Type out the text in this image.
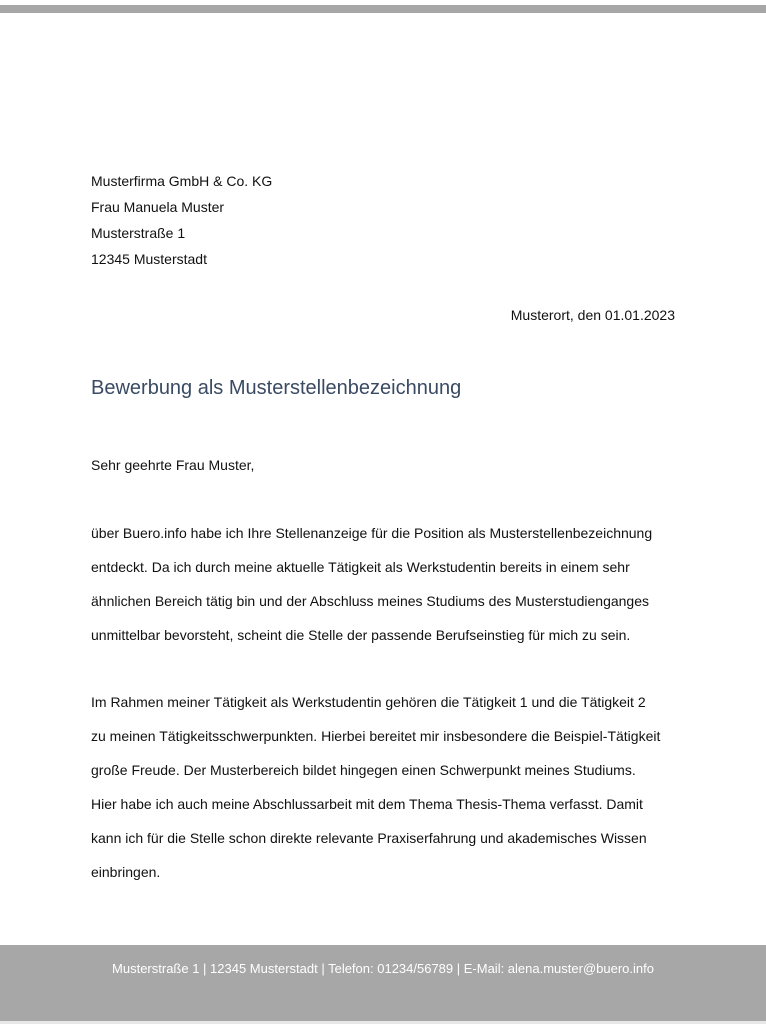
Musterfirma GmbH & Co. KG
Frau Manuela Muster
Musterstraße 1
12345 Musterstadt
Musterort, den 01.01.2023
Bewerbung als Musterstellenbezeichnung
Sehr geehrte Frau Muster,
über Buero.info habe ich Ihre Stellenanzeige für die Position als Musterstellenbezeichnung
entdeckt. Da ich durch meine aktuelle Tätigkeit als Werkstudentin bereits in einem sehr
ähnlichen Bereich tätig bin und der Abschluss meines Studiums des Musterstudienganges
unmittelbar bevorsteht, scheint die Stelle der passende Berufseinstieg für mich zu sein.
Im Rahmen meiner Tätigkeit als Werkstudentin gehören die Tätigkeit 1 und die Tätigkeit 2
zu meinen Tätigkeitsschwerpunkten. Hierbei bereitet mir insbesondere die Beispiel-Tätigkeit
große Freude. Der Musterbereich bildet hingegen einen Schwerpunkt meines Studiums.
Hier habe ich auch meine Abschlussarbeit mit dem Thema Thesis-Thema verfasst. Damit
kann ich für die Stelle schon direkte relevante Praxiserfahrung und akademisches Wissen
einbringen.
Musterstraße 1 | 12345 Musterstadt | Telefon: 01234/56789 | E-Mail: alena.muster@buero.info
